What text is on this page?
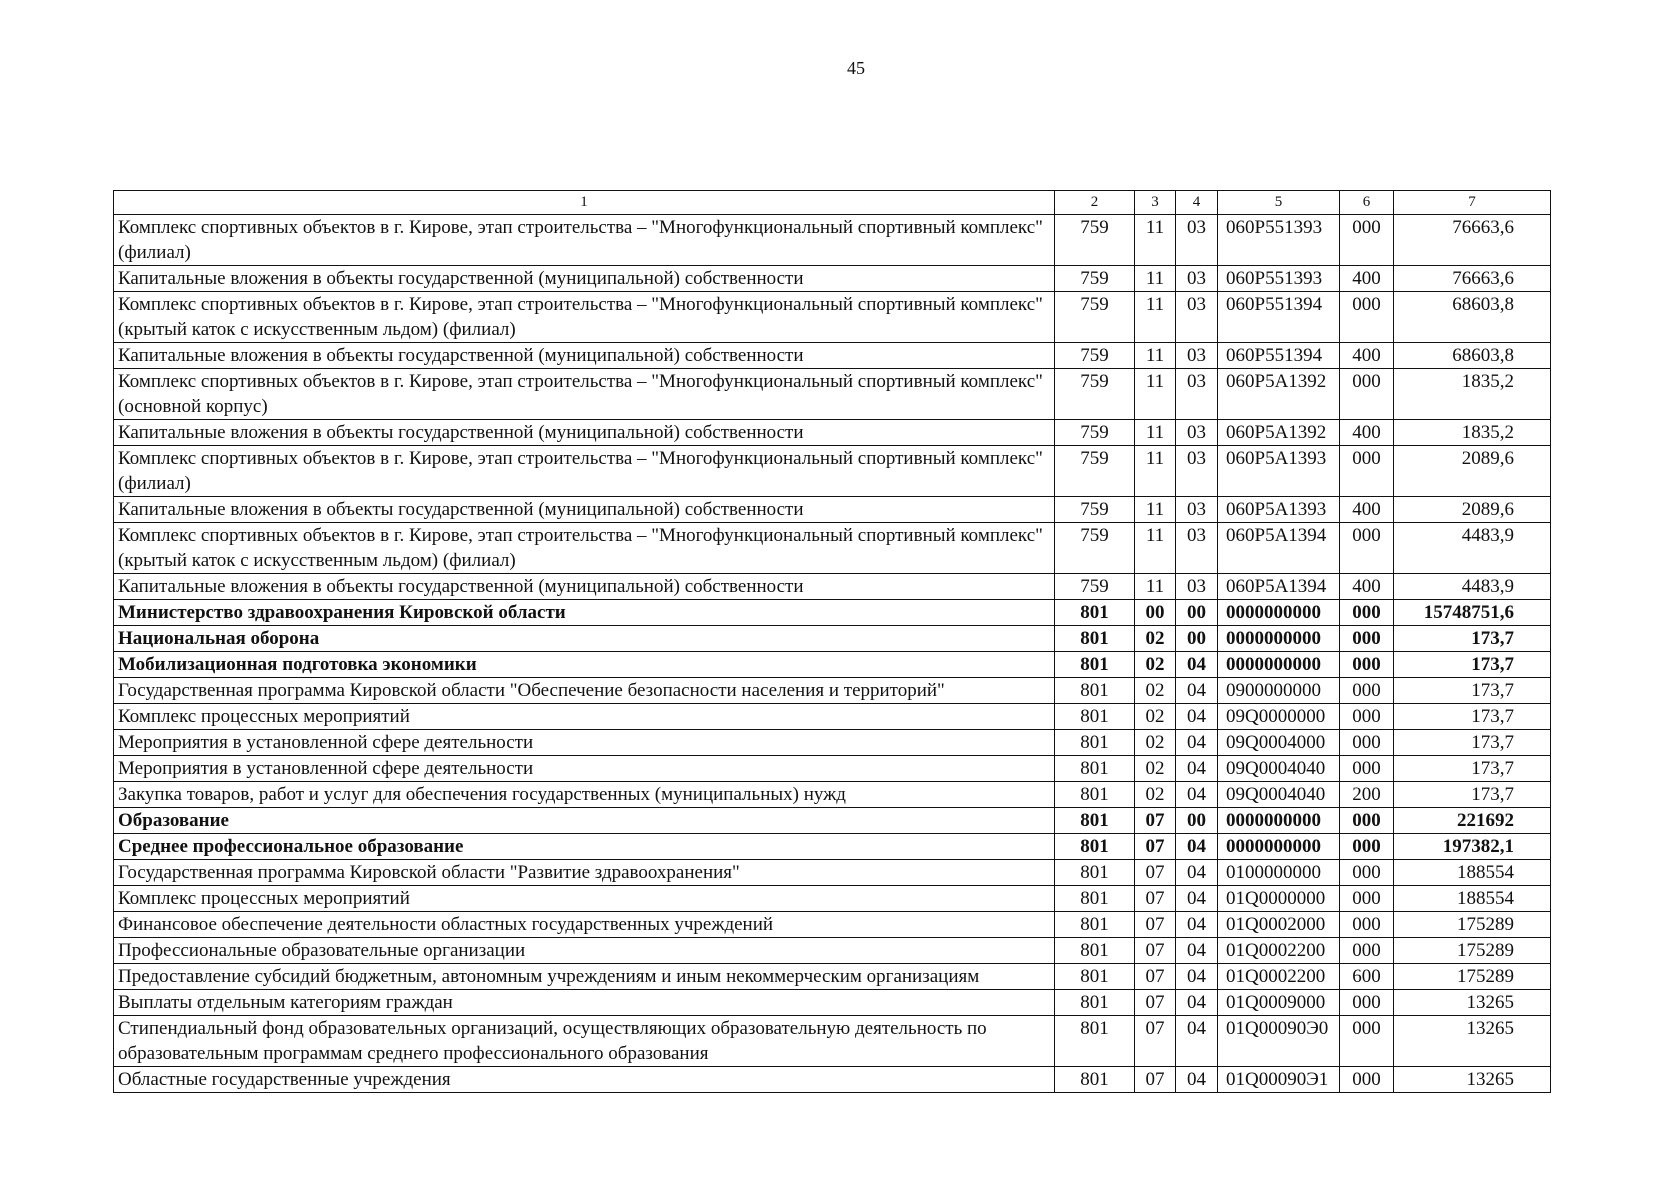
45
1	2	3	4	5	6	7
Комплекс спортивных объектов в г. Кирове, этап строительства – "Многофункциональный спортивный комплекс" (филиал)	759	11	03	060P551393	000	76663,6
Капитальные вложения в объекты государственной (муниципальной) собственности	759	11	03	060P551393	400	76663,6
Комплекс спортивных объектов в г. Кирове, этап строительства – "Многофункциональный спортивный комплекс" (крытый каток с искусственным льдом) (филиал)	759	11	03	060P551394	000	68603,8
Капитальные вложения в объекты государственной (муниципальной) собственности	759	11	03	060P551394	400	68603,8
Комплекс спортивных объектов в г. Кирове, этап строительства – "Многофункциональный спортивный комплекс" (основной корпус)	759	11	03	060P5A1392	000	1835,2
Капитальные вложения в объекты государственной (муниципальной) собственности	759	11	03	060P5A1392	400	1835,2
Комплекс спортивных объектов в г. Кирове, этап строительства – "Многофункциональный спортивный комплекс" (филиал)	759	11	03	060P5A1393	000	2089,6
Капитальные вложения в объекты государственной (муниципальной) собственности	759	11	03	060P5A1393	400	2089,6
Комплекс спортивных объектов в г. Кирове, этап строительства – "Многофункциональный спортивный комплекс" (крытый каток с искусственным льдом) (филиал)	759	11	03	060P5A1394	000	4483,9
Капитальные вложения в объекты государственной (муниципальной) собственности	759	11	03	060P5A1394	400	4483,9
Министерство здравоохранения Кировской области	801	00	00	0000000000	000	15748751,6
Национальная оборона	801	02	00	0000000000	000	173,7
Мобилизационная подготовка экономики	801	02	04	0000000000	000	173,7
Государственная программа Кировской области "Обеспечение безопасности населения и территорий"	801	02	04	0900000000	000	173,7
Комплекс процессных мероприятий	801	02	04	09Q0000000	000	173,7
Мероприятия в установленной сфере деятельности	801	02	04	09Q0004000	000	173,7
Мероприятия в установленной сфере деятельности	801	02	04	09Q0004040	000	173,7
Закупка товаров, работ и услуг для обеспечения государственных (муниципальных) нужд	801	02	04	09Q0004040	200	173,7
Образование	801	07	00	0000000000	000	221692
Среднее профессиональное образование	801	07	04	0000000000	000	197382,1
Государственная программа Кировской области "Развитие здравоохранения"	801	07	04	0100000000	000	188554
Комплекс процессных мероприятий	801	07	04	01Q0000000	000	188554
Финансовое обеспечение деятельности областных государственных учреждений	801	07	04	01Q0002000	000	175289
Профессиональные образовательные организации	801	07	04	01Q0002200	000	175289
Предоставление субсидий бюджетным, автономным учреждениям и иным некоммерческим организациям	801	07	04	01Q0002200	600	175289
Выплаты отдельным категориям граждан	801	07	04	01Q0009000	000	13265
Стипендиальный фонд образовательных организаций, осуществляющих образовательную деятельность по образовательным программам среднего профессионального образования	801	07	04	01Q00090Э0	000	13265
Областные государственные учреждения	801	07	04	01Q00090Э1	000	13265
